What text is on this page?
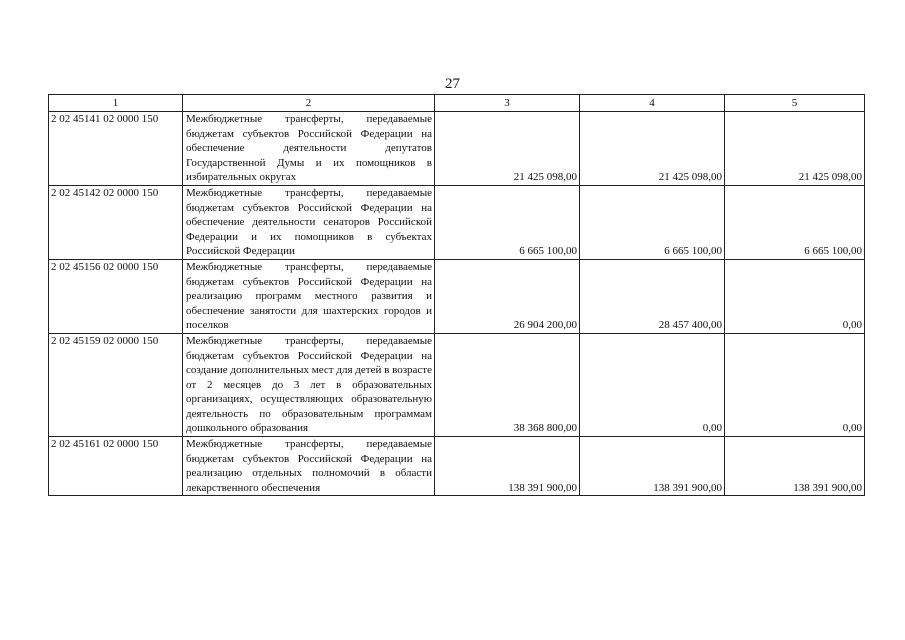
27
1	2	3	4	5
2 02 45141 02 0000 150	Межбюджетные трансферты, передаваемые бюджетам субъектов Российской Федерации на обеспечение деятельности депутатов Государственной Думы и их помощников в избирательных округах	21 425 098,00	21 425 098,00	21 425 098,00
2 02 45142 02 0000 150	Межбюджетные трансферты, передаваемые бюджетам субъектов Российской Федерации на обеспечение деятельности сенаторов Российской Федерации и их помощников в субъектах Российской Федерации	6 665 100,00	6 665 100,00	6 665 100,00
2 02 45156 02 0000 150	Межбюджетные трансферты, передаваемые бюджетам субъектов Российской Федерации на реализацию программ местного развития и обеспечение занятости для шахтерских городов и поселков	26 904 200,00	28 457 400,00	0,00
2 02 45159 02 0000 150	Межбюджетные трансферты, передаваемые бюджетам субъектов Российской Федерации на создание дополнительных мест для детей в возрасте от 2 месяцев до 3 лет в образовательных организациях, осуществляющих образовательную деятельность по образовательным программам дошкольного образования	38 368 800,00	0,00	0,00
2 02 45161 02 0000 150	Межбюджетные трансферты, передаваемые бюджетам субъектов Российской Федерации на реализацию отдельных полномочий в области лекарственного обеспечения	138 391 900,00	138 391 900,00	138 391 900,00
